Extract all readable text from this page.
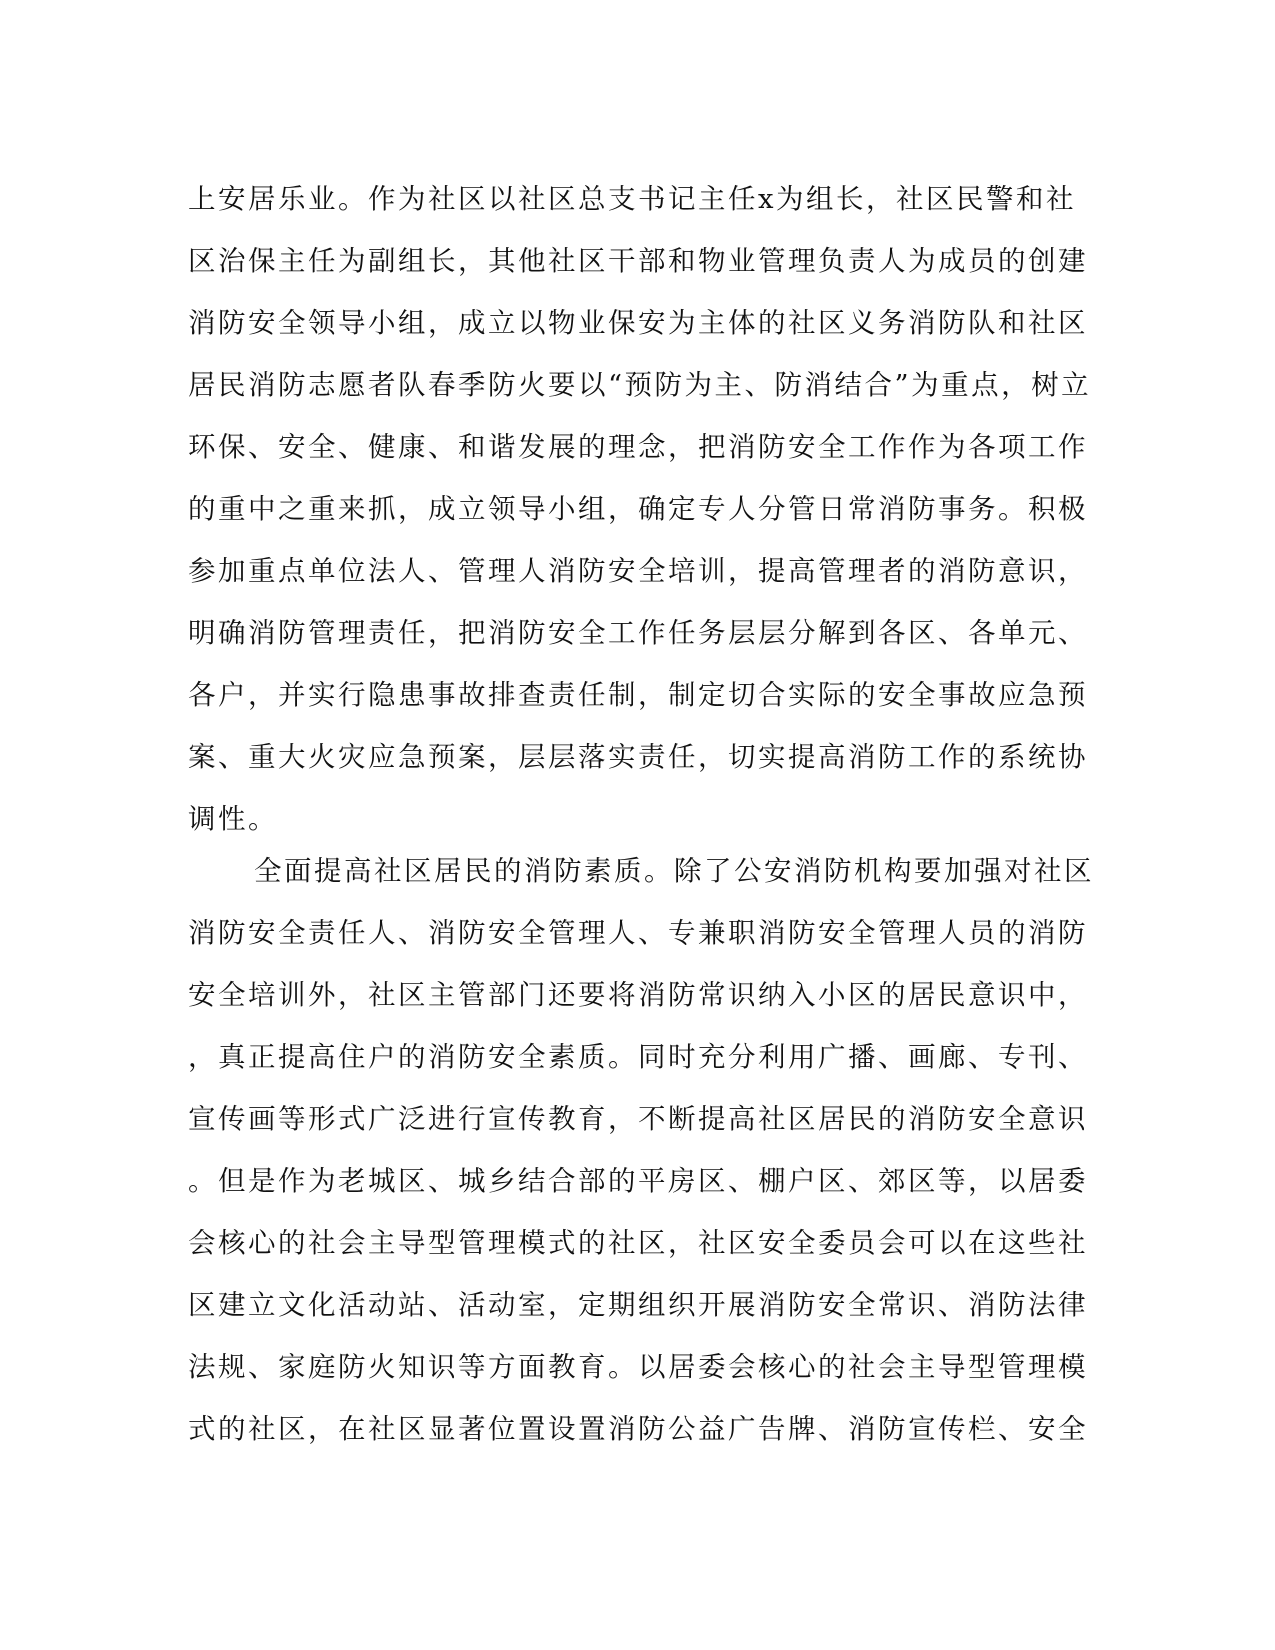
上安居乐业。作为社区以社区总支书记主任x为组长，社区民警和社
区治保主任为副组长，其他社区干部和物业管理负责人为成员的创建
消防安全领导小组，成立以物业保安为主体的社区义务消防队和社区
居民消防志愿者队春季防火要以“预防为主、防消结合”为重点，树立
环保、安全、健康、和谐发展的理念，把消防安全工作作为各项工作
的重中之重来抓，成立领导小组，确定专人分管日常消防事务。积极
参加重点单位法人、管理人消防安全培训，提高管理者的消防意识，
明确消防管理责任，把消防安全工作任务层层分解到各区、各单元、
各户，并实行隐患事故排查责任制，制定切合实际的安全事故应急预
案、重大火灾应急预案，层层落实责任，切实提高消防工作的系统协
调性。
全面提高社区居民的消防素质。除了公安消防机构要加强对社区
消防安全责任人、消防安全管理人、专兼职消防安全管理人员的消防
安全培训外，社区主管部门还要将消防常识纳入小区的居民意识中，
，真正提高住户的消防安全素质。同时充分利用广播、画廊、专刊、
宣传画等形式广泛进行宣传教育，不断提高社区居民的消防安全意识
。但是作为老城区、城乡结合部的平房区、棚户区、郊区等，以居委
会核心的社会主导型管理模式的社区，社区安全委员会可以在这些社
区建立文化活动站、活动室，定期组织开展消防安全常识、消防法律
法规、家庭防火知识等方面教育。以居委会核心的社会主导型管理模
式的社区，在社区显著位置设置消防公益广告牌、消防宣传栏、安全
